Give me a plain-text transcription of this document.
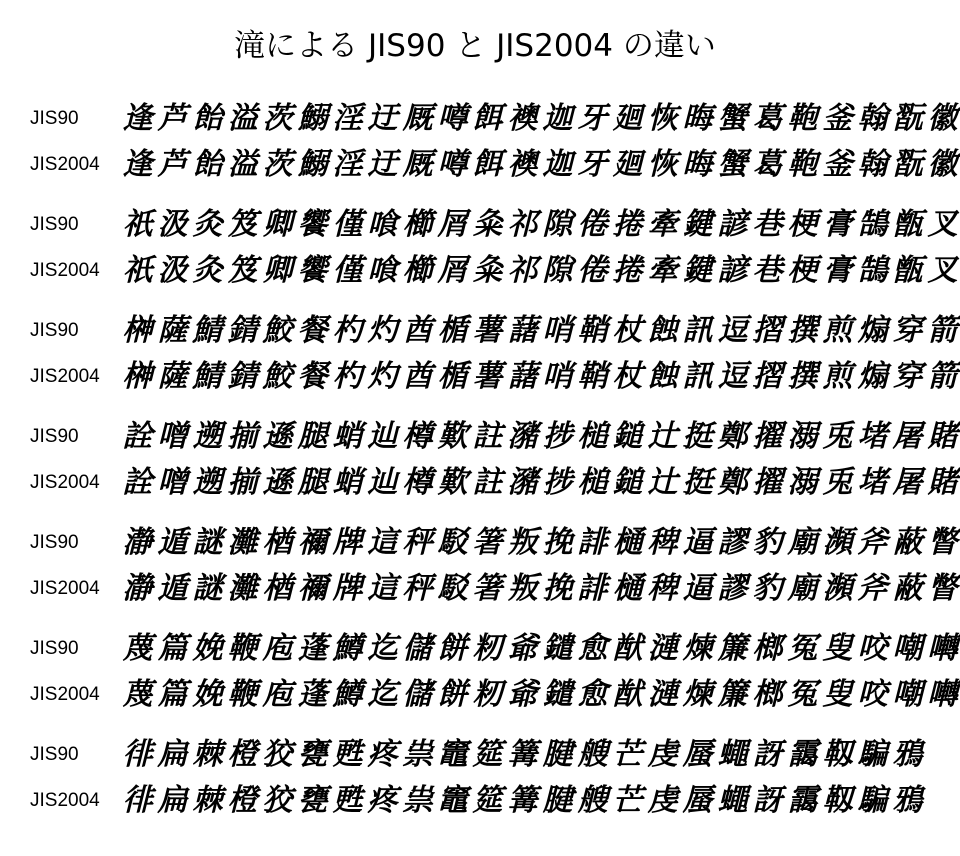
滝による JIS90 と JIS2004 の違い
JIS90 逢 芦 飴 溢 茨 鰯 淫 迂 厩 噂 餌 襖 迦 牙 廻 恢 晦 蟹 葛 鞄 釜 翰 翫 徽
JIS2004 逢 芦 飴 溢 茨 鰯 淫 迂 厩 噂 餌 襖 迦 牙 廻 恢 晦 蟹 葛 鞄 釜 翰 翫 徽
JIS90 祇 汲 灸 笈 卿 饗 僅 喰 櫛 屑 粂 祁 隙 倦 捲 牽 鍵 諺 巷 梗 膏 鵠 甑 叉
JIS2004 祇 汲 灸 笈 卿 饗 僅 喰 櫛 屑 粂 祁 隙 倦 捲 牽 鍵 諺 巷 梗 膏 鵠 甑 叉
JIS90 榊 薩 鯖 錆 鮫 餐 杓 灼 酋 楯 薯 藷 哨 鞘 杖 蝕 訊 逗 摺 撰 煎 煽 穿 箭
JIS2004 榊 薩 鯖 錆 鮫 餐 杓 灼 酋 楯 薯 藷 哨 鞘 杖 蝕 訊 逗 摺 撰 煎 煽 穿 箭
JIS90 詮 噌 遡 揃 遜 腿 蛸 辿 樽 歎 註 瀦 捗 槌 鎚 辻 挺 鄭 擢 溺 兎 堵 屠 賭
JIS2004 詮 噌 遡 揃 遜 腿 蛸 辿 樽 歎 註 瀦 捗 槌 鎚 辻 挺 鄭 擢 溺 兎 堵 屠 賭
JIS90 瀞 遁 謎 灘 楢 禰 牌 這 秤 駁 箸 叛 挽 誹 樋 稗 逼 謬 豹 廟 瀕 斧 蔽 瞥
JIS2004 瀞 遁 謎 灘 楢 禰 牌 這 秤 駁 箸 叛 挽 誹 樋 稗 逼 謬 豹 廟 瀕 斧 蔽 瞥
JIS90 蔑 篇 娩 鞭 庖 蓬 鱒 迄 儲 餅 籾 爺 鑓 愈 猷 漣 煉 簾 榔 冤 叟 咬 嘲 囀
JIS2004 蔑 篇 娩 鞭 庖 蓬 鱒 迄 儲 餅 籾 爺 鑓 愈 猷 漣 煉 簾 榔 冤 叟 咬 嘲 囀
JIS90 徘 扁 棘 橙 狡 甕 甦 疼 祟 竈 筵 篝 腱 艘 芒 虔 蜃 蠅 訝 靄 靱 騙 鴉
JIS2004 徘 扁 棘 橙 狡 甕 甦 疼 祟 竈 筵 篝 腱 艘 芒 虔 蜃 蠅 訝 靄 靱 騙 鴉
